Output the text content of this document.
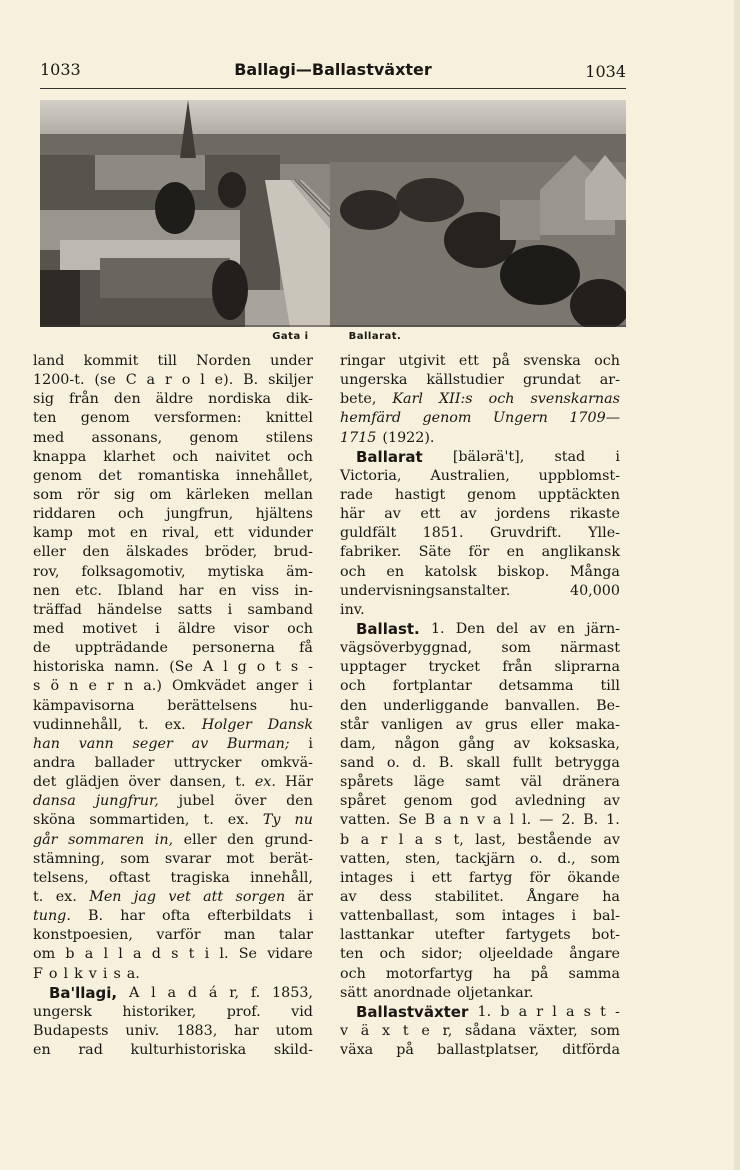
1033	Ballagi—Ballastväxter	1034
Gata i	Ballarat.
land kommit till Norden under
1200-t. (se C a r o l e). B. skiljer
sig från den äldre nordiska dik-
ten genom versformen: knittel
med assonans, genom stilens
knappa klarhet och naivitet och
genom det romantiska innehållet,
som rör sig om kärleken mellan
riddaren och jungfrun, hjältens
kamp mot en rival, ett vidunder
eller den älskades bröder, brud-
rov, folksagomotiv, mytiska äm-
nen etc. Ibland har en viss in-
träffad händelse satts i samband
med motivet i äldre visor och
de uppträdande personerna få
historiska namn. (Se A l g o t s -
s ö n e r n a.) Omkvädet anger i
kämpavisorna berättelsens hu-
vudinnehåll, t. ex. Holger Dansk
han vann seger av Burman; i
andra ballader uttrycker omkvä-
det glädjen över dansen, t. ex. Här
dansa jungfrur, jubel över den
sköna sommartiden, t. ex. Ty nu
går sommaren in, eller den grund-
stämning, som svarar mot berät-
telsens, oftast tragiska innehåll,
t. ex. Men jag vet att sorgen är
tung. B. har ofta efterbildats i
konstpoesien, varför man talar
om b a l l a d s t i l. Se vidare
F o l k v i s a.
Ba'llagi, A l a d á r, f. 1853,
ungersk historiker, prof. vid
Budapests univ. 1883, har utom
en rad kulturhistoriska skild-
ringar utgivit ett på svenska och
ungerska källstudier grundat ar-
bete, Karl XII:s och svenskarnas
hemfärd genom Ungern 1709—
1715 (1922).
Ballarat [bälərä't], stad i
Victoria, Australien, uppblomst-
rade hastigt genom upptäckten
här av ett av jordens rikaste
guldfält 1851. Gruvdrift. Ylle-
fabriker. Säte för en anglikansk
och en katolsk biskop. Många
undervisningsanstalter.	40,000
inv.
Ballast. 1. Den del av en järn-
vägsöverbyggnad, som närmast
upptager trycket från sliprarna
och fortplantar detsamma till
den underliggande banvallen. Be-
står vanligen av grus eller maka-
dam, någon gång av koksaska,
sand o. d. B. skall fullt betrygga
spårets läge samt väl dränera
spåret genom god avledning av
vatten. Se B a n v a l l. — 2. B. 1.
b a r l a s t, last, bestående av
vatten, sten, tackjärn o. d., som
intages i ett fartyg för ökande
av dess stabilitet. Ångare ha
vattenballast, som intages i bal-
lasttankar utefter fartygets bot-
ten och sidor; oljeeldade ångare
och motorfartyg ha på samma
sätt anordnade oljetankar.
Ballastväxter 1. b a r l a s t -
v ä x t e r, sådana växter, som
växa på ballastplatser, ditförda
